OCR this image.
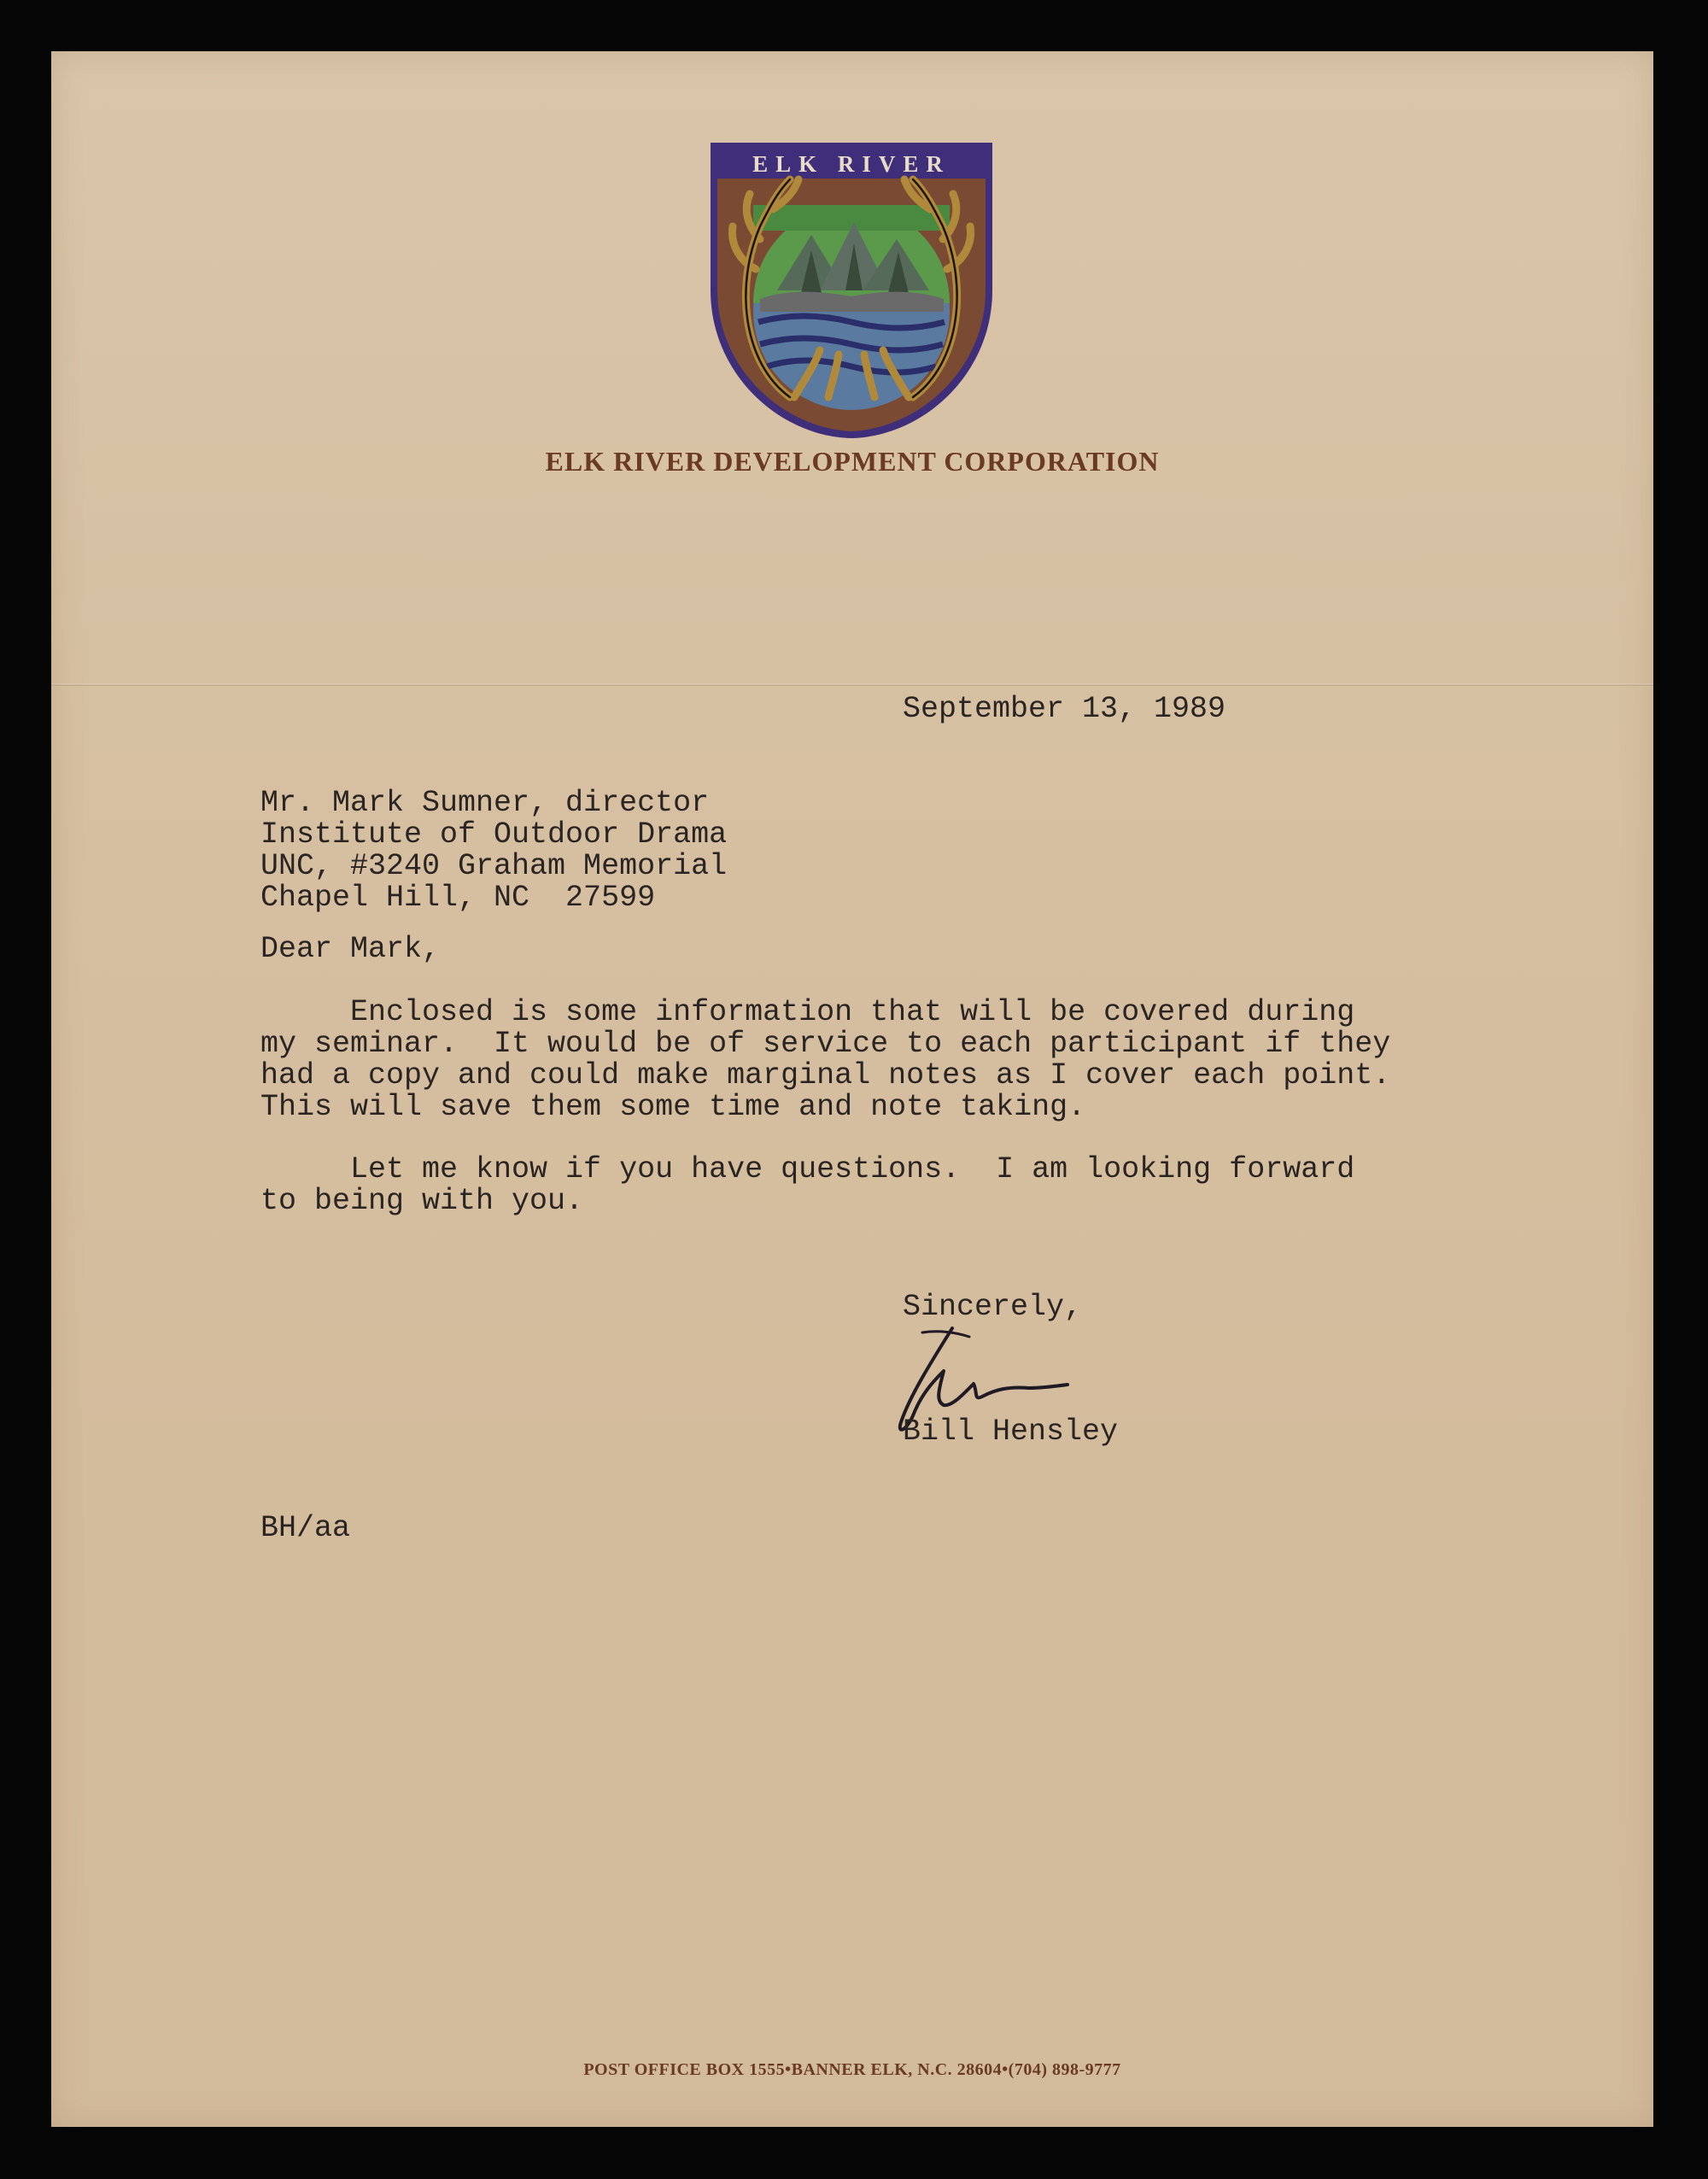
ELK RIVER
ELK RIVER DEVELOPMENT CORPORATION

September 13, 1989

Mr. Mark Sumner, director
Institute of Outdoor Drama
UNC, #3240 Graham Memorial
Chapel Hill, NC  27599

Dear Mark,

Enclosed is some information that will be covered during
my seminar.  It would be of service to each participant if they
had a copy and could make marginal notes as I cover each point.
This will save them some time and note taking.
Let me know if you have questions.  I am looking forward
to being with you.

Sincerely,

Bill Hensley

BH/aa

POST OFFICE BOX 1555•BANNER ELK, N.C. 28604•(704) 898-9777
